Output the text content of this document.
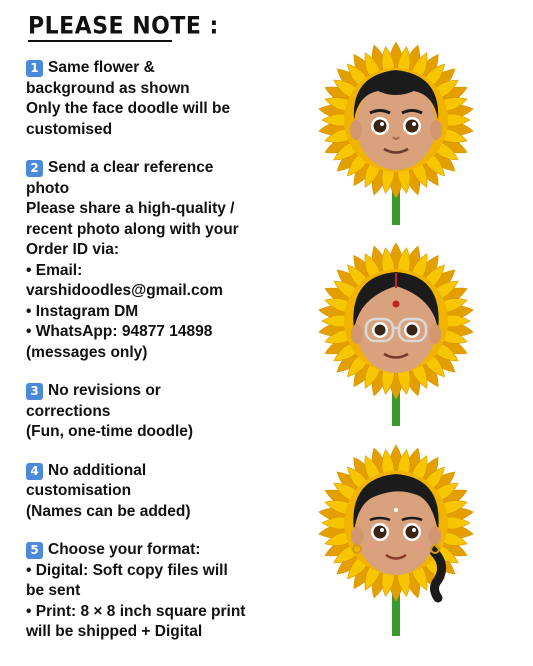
PLEASE NOTE :
1 Same flower &
background as shown
Only the face doodle will be
customised
2 Send a clear reference
photo
Please share a high-quality /
recent photo along with your
Order ID via:
• Email:
varshidoodles@gmail.com
• Instagram DM
• WhatsApp: 94877 14898
(messages only)
3 No revisions or
corrections
(Fun, one-time doodle)
4 No additional
customisation
(Names can be added)
5 Choose your format:
• Digital: Soft copy files will
be sent
• Print: 8 × 8 inch square print
will be shipped + Digital
